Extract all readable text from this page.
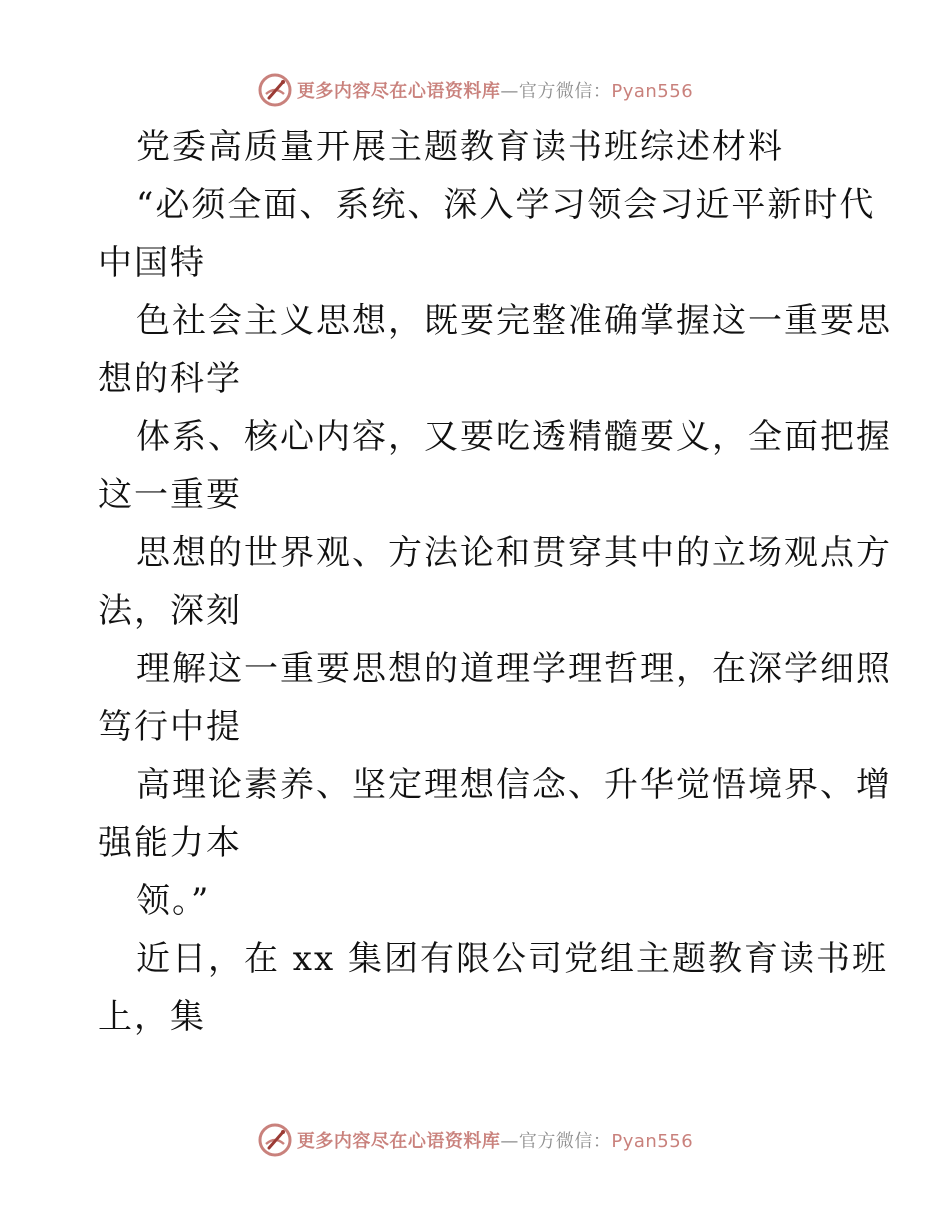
更多内容尽在心语资料库—官方微信：Pyan556
党委高质量开展主题教育读书班综述材料
“必须全面、系统、深入学习领会习近平新时代
中国特
色社会主义思想，既要完整准确掌握这一重要思
想的科学
体系、核心内容，又要吃透精髓要义，全面把握
这一重要
思想的世界观、方法论和贯穿其中的立场观点方
法，深刻
理解这一重要思想的道理学理哲理，在深学细照
笃行中提
高理论素养、坚定理想信念、升华觉悟境界、增
强能力本
领。”
近日，在 xx 集团有限公司党组主题教育读书班
上，集
更多内容尽在心语资料库—官方微信：Pyan556
